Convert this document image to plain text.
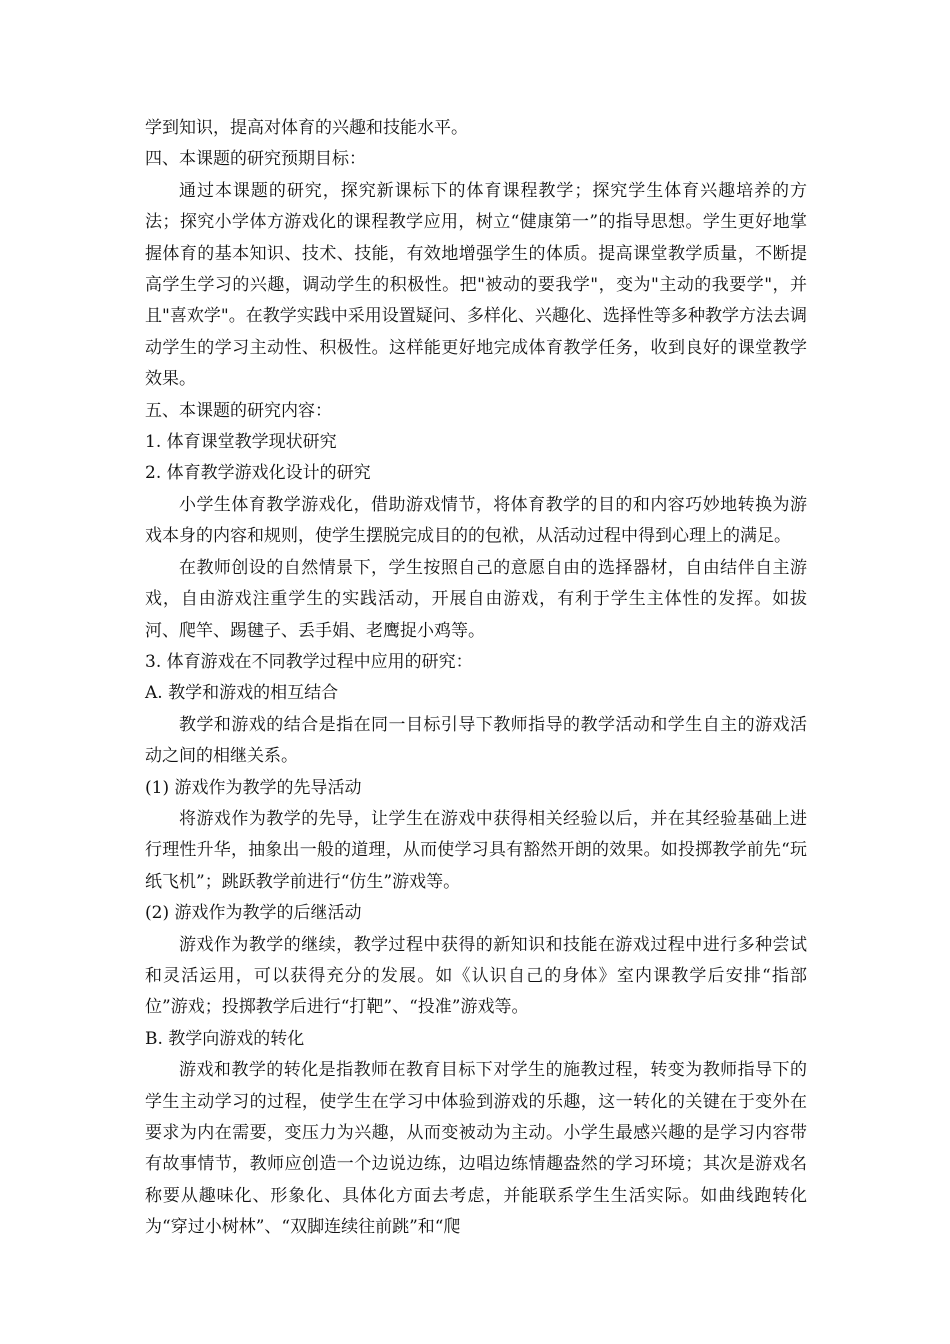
学到知识，提高对体育的兴趣和技能水平。

四、本课题的研究预期目标：

通过本课题的研究，探究新课标下的体育课程教学；探究学生体育兴趣培养的方法；探究小学体方游戏化的课程教学应用，树立“健康第一”的指导思想。学生更好地掌握体育的基本知识、技术、技能，有效地增强学生的体质。提高课堂教学质量，不断提高学生学习的兴趣，调动学生的积极性。把"被动的要我学"，变为"主动的我要学"，并且"喜欢学"。在教学实践中采用设置疑问、多样化、兴趣化、选择性等多种教学方法去调动学生的学习主动性、积极性。这样能更好地完成体育教学任务，收到良好的课堂教学效果。

五、本课题的研究内容：

1. 体育课堂教学现状研究

2. 体育教学游戏化设计的研究

小学生体育教学游戏化，借助游戏情节，将体育教学的目的和内容巧妙地转换为游戏本身的内容和规则，使学生摆脱完成目的的包袱，从活动过程中得到心理上的满足。

在教师创设的自然情景下，学生按照自己的意愿自由的选择器材，自由结伴自主游戏，自由游戏注重学生的实践活动，开展自由游戏，有利于学生主体性的发挥。如拔河、爬竿、踢毽子、丢手娟、老鹰捉小鸡等。

3. 体育游戏在不同教学过程中应用的研究：

A. 教学和游戏的相互结合

教学和游戏的结合是指在同一目标引导下教师指导的教学活动和学生自主的游戏活动之间的相继关系。

(1) 游戏作为教学的先导活动

将游戏作为教学的先导，让学生在游戏中获得相关经验以后，并在其经验基础上进行理性升华，抽象出一般的道理，从而使学习具有豁然开朗的效果。如投掷教学前先“玩纸飞机”；跳跃教学前进行“仿生”游戏等。

(2) 游戏作为教学的后继活动

游戏作为教学的继续，教学过程中获得的新知识和技能在游戏过程中进行多种尝试和灵活运用，可以获得充分的发展。如《认识自己的身体》室内课教学后安排“指部位”游戏；投掷教学后进行“打靶”、“投准”游戏等。

B. 教学向游戏的转化

游戏和教学的转化是指教师在教育目标下对学生的施教过程，转变为教师指导下的学生主动学习的过程，使学生在学习中体验到游戏的乐趣，这一转化的关键在于变外在要求为内在需要，变压力为兴趣，从而变被动为主动。小学生最感兴趣的是学习内容带有故事情节，教师应创造一个边说边练，边唱边练情趣盎然的学习环境；其次是游戏名称要从趣味化、形象化、具体化方面去考虑，并能联系学生生活实际。如曲线跑转化为“穿过小树林”、“双脚连续往前跳”和“爬
